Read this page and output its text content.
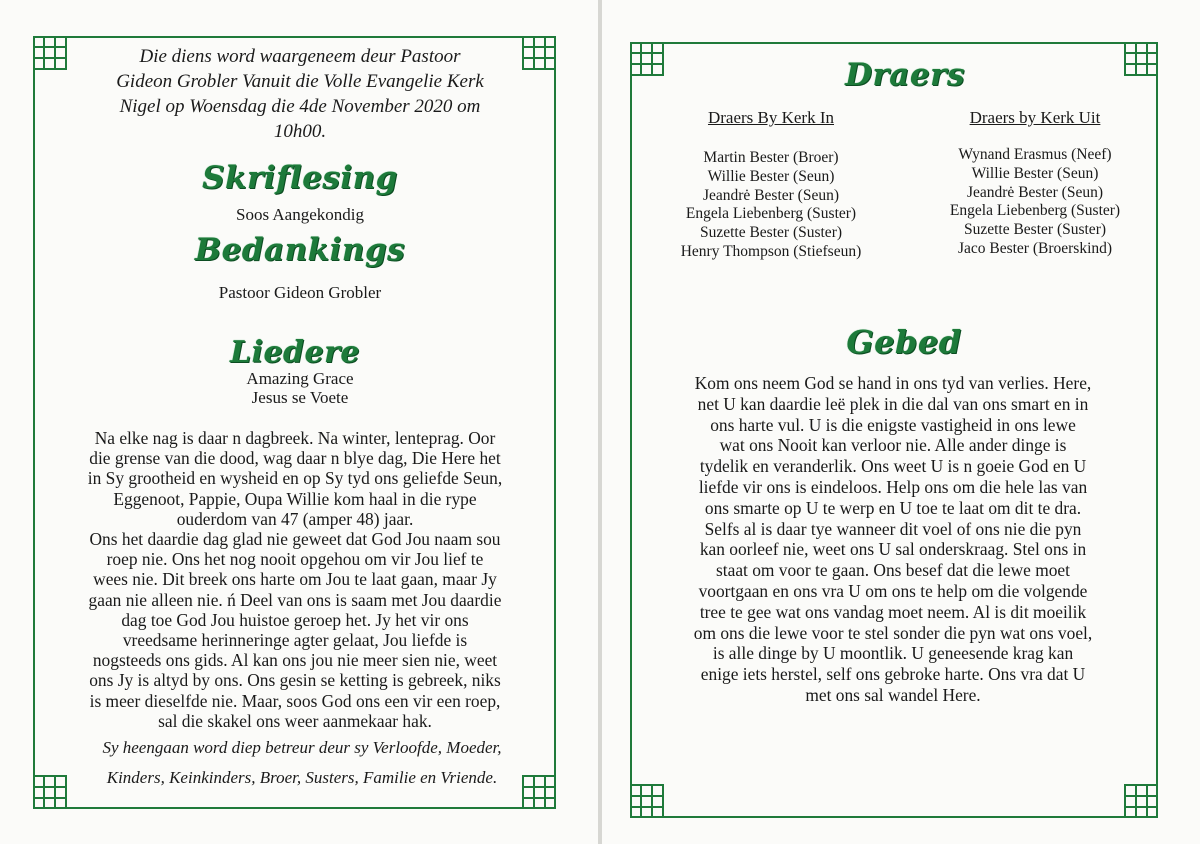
Die diens word waargeneem deur Pastoor
Gideon Grobler Vanuit die Volle Evangelie Kerk
Nigel op Woensdag die 4de November 2020 om
10h00.
Skriflesing
Soos Aangekondig
Bedankings
Pastoor Gideon Grobler
Liedere
Amazing Grace
Jesus se Voete
Na elke nag is daar n dagbreek. Na winter, lenteprag. Oor
die grense van die dood, wag daar n blye dag, Die Here het
in Sy grootheid en wysheid en op Sy tyd ons geliefde Seun,
Eggenoot, Pappie, Oupa Willie kom haal in die rype
ouderdom van 47 (amper 48) jaar.
Ons het daardie dag glad nie geweet dat God Jou naam sou
roep nie. Ons het nog nooit opgehou om vir Jou lief te
wees nie. Dit breek ons harte om Jou te laat gaan, maar Jy
gaan nie alleen nie. ń Deel van ons is saam met Jou daardie
dag toe God Jou huistoe geroep het. Jy het vir ons
vreedsame herinneringe agter gelaat, Jou liefde is
nogsteeds ons gids. Al kan ons jou nie meer sien nie, weet
ons Jy is altyd by ons. Ons gesin se ketting is gebreek, niks
is meer dieselfde nie. Maar, soos God ons een vir een roep,
sal die skakel ons weer aanmekaar hak.
Sy heengaan word diep betreur deur sy Verloofde, Moeder,
Kinders, Keinkinders, Broer, Susters, Familie en Vriende.
Draers
Draers By Kerk In	Draers by Kerk Uit
Martin Bester (Broer)
Willie Bester (Seun)
Jeandrė Bester (Seun)
Engela Liebenberg (Suster)
Suzette Bester (Suster)
Henry Thompson (Stiefseun)
Wynand Erasmus (Neef)
Willie Bester (Seun)
Jeandrė Bester (Seun)
Engela Liebenberg (Suster)
Suzette Bester (Suster)
Jaco Bester (Broerskind)
Gebed
Kom ons neem God se hand in ons tyd van verlies. Here,
net U kan daardie leë plek in die dal van ons smart en in
ons harte vul. U is die enigste vastigheid in ons lewe
wat ons Nooit kan verloor nie. Alle ander dinge is
tydelik en veranderlik. Ons weet U is n goeie God en U
liefde vir ons is eindeloos. Help ons om die hele las van
ons smarte op U te werp en U toe te laat om dit te dra.
Selfs al is daar tye wanneer dit voel of ons nie die pyn
kan oorleef nie, weet ons U sal onderskraag. Stel ons in
staat om voor te gaan. Ons besef dat die lewe moet
voortgaan en ons vra U om ons te help om die volgende
tree te gee wat ons vandag moet neem. Al is dit moeilik
om ons die lewe voor te stel sonder die pyn wat ons voel,
is alle dinge by U moontlik. U geneesende krag kan
enige iets herstel, self ons gebroke harte. Ons vra dat U
met ons sal wandel Here.
